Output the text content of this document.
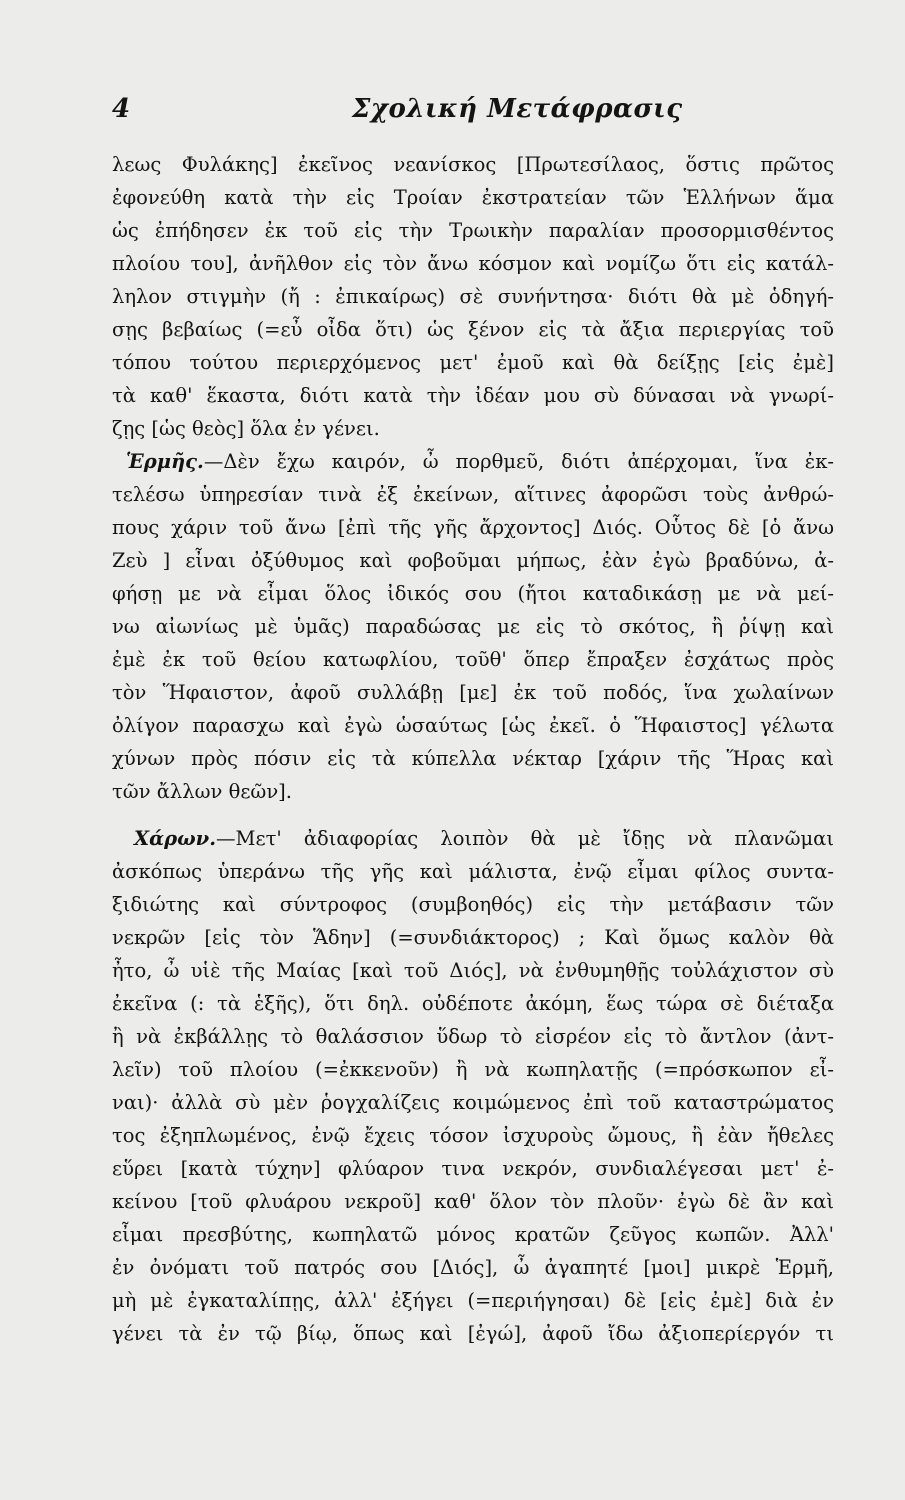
4	Σχολική Μετάφρασις
λεως Φυλάκης] ἐκεῖνος νεανίσκος [Πρωτεσίλαος, ὅστις πρῶτος
ἐφονεύθη κατὰ τὴν εἰς Τροίαν ἐκστρατείαν τῶν Ἑλλήνων ἅμα
ὡς ἐπήδησεν ἐκ τοῦ εἰς τὴν Τρωικὴν παραλίαν προσορμισθέντος
πλοίου του], ἀνῆλθον εἰς τὸν ἄνω κόσμον καὶ νομίζω ὅτι εἰς κατάλ-
ληλον στιγμὴν (ἤ : ἐπικαίρως) σὲ συνήντησα· διότι θὰ μὲ ὁδηγή-
σῃς βεβαίως (=εὖ οἶδα ὅτι) ὡς ξένον εἰς τὰ ἄξια περιεργίας τοῦ
τόπου τούτου περιερχόμενος μετ' ἐμοῦ καὶ θὰ δείξῃς [εἰς ἐμὲ]
τὰ καθ' ἕκαστα, διότι κατὰ τὴν ἰδέαν μου σὺ δύνασαι νὰ γνωρί-
ζῃς [ὡς θεὸς] ὅλα ἐν γένει.
Ἑρμῆς.—Δὲν ἔχω καιρόν, ὦ πορθμεῦ, διότι ἀπέρχομαι, ἵνα ἐκ-
τελέσω ὑπηρεσίαν τινὰ ἐξ ἐκείνων, αἵτινες ἀφορῶσι τοὺς ἀνθρώ-
πους χάριν τοῦ ἄνω [ἐπὶ τῆς γῆς ἄρχοντος] Διός. Οὗτος δὲ [ὁ ἄνω
Ζεὺ ] εἶναι ὀξύθυμος καὶ φοβοῦμαι μήπως, ἐὰν ἐγὼ βραδύνω, ἀ-
φήσῃ με νὰ εἶμαι ὅλος ἰδικός σου (ἤτοι καταδικάσῃ με νὰ μεί-
νω αἰωνίως μὲ ὑμᾶς) παραδώσας με εἰς τὸ σκότος, ἢ ῥίψῃ καὶ
ἐμὲ ἐκ τοῦ θείου κατωφλίου, τοῦθ' ὅπερ ἔπραξεν ἐσχάτως πρὸς
τὸν Ἥφαιστον, ἀφοῦ συλλάβῃ [με] ἐκ τοῦ ποδός, ἵνα χωλαίνων
ὀλίγον παρασχω καὶ ἐγὼ ὡσαύτως [ὡς ἐκεῖ. ὁ Ἥφαιστος] γέλωτα
χύνων πρὸς πόσιν εἰς τὰ κύπελλα νέκταρ [χάριν τῆς Ἥρας καὶ
τῶν ἄλλων θεῶν].
Χάρων.—Μετ' ἀδιαφορίας λοιπὸν θὰ μὲ ἴδῃς νὰ πλανῶμαι
ἀσκόπως ὑπεράνω τῆς γῆς καὶ μάλιστα, ἐνῷ εἶμαι φίλος συντα-
ξιδιώτης καὶ σύντροφος (συμβοηθός) εἰς τὴν μετάβασιν τῶν
νεκρῶν [εἰς τὸν Ἅδην] (=συνδιάκτορος) ; Καὶ ὅμως καλὸν θὰ
ἦτο, ὦ υἱὲ τῆς Μαίας [καὶ τοῦ Διός], νὰ ἐνθυμηθῇς τοὐλάχιστον σὺ
ἐκεῖνα (: τὰ ἑξῆς), ὅτι δηλ. οὐδέποτε ἀκόμη, ἕως τώρα σὲ διέταξα
ἢ νὰ ἐκβάλλῃς τὸ θαλάσσιον ὕδωρ τὸ εἰσρέον εἰς τὸ ἄντλον (ἀντ-
λεῖν) τοῦ πλοίου (=ἐκκενοῦν) ἢ νὰ κωπηλατῇς (=πρόσκωπον εἶ-
ναι)· ἀλλὰ σὺ μὲν ῥογχαλίζεις κοιμώμενος ἐπὶ τοῦ καταστρώματος
τος ἐξηπλωμένος, ἐνῷ ἔχεις τόσον ἰσχυροὺς ὤμους, ἢ ἐὰν ἤθελες
εὕρει [κατὰ τύχην] φλύαρον τινα νεκρόν, συνδιαλέγεσαι μετ' ἐ-
κείνου [τοῦ φλυάρου νεκροῦ] καθ' ὅλον τὸν πλοῦν· ἐγὼ δὲ ἂν καὶ
εἶμαι πρεσβύτης, κωπηλατῶ μόνος κρατῶν ζεῦγος κωπῶν. Ἀλλ'
ἐν ὀνόματι τοῦ πατρός σου [Διός], ὦ ἀγαπητέ [μοι] μικρὲ Ἑρμῆ,
μὴ μὲ ἐγκαταλίπῃς, ἀλλ' ἐξήγει (=περιήγησαι) δὲ [εἰς ἐμὲ] διὰ ἐν
γένει τὰ ἐν τῷ βίῳ, ὅπως καὶ [ἐγώ], ἀφοῦ ἴδω ἀξιοπερίεργόν τι
